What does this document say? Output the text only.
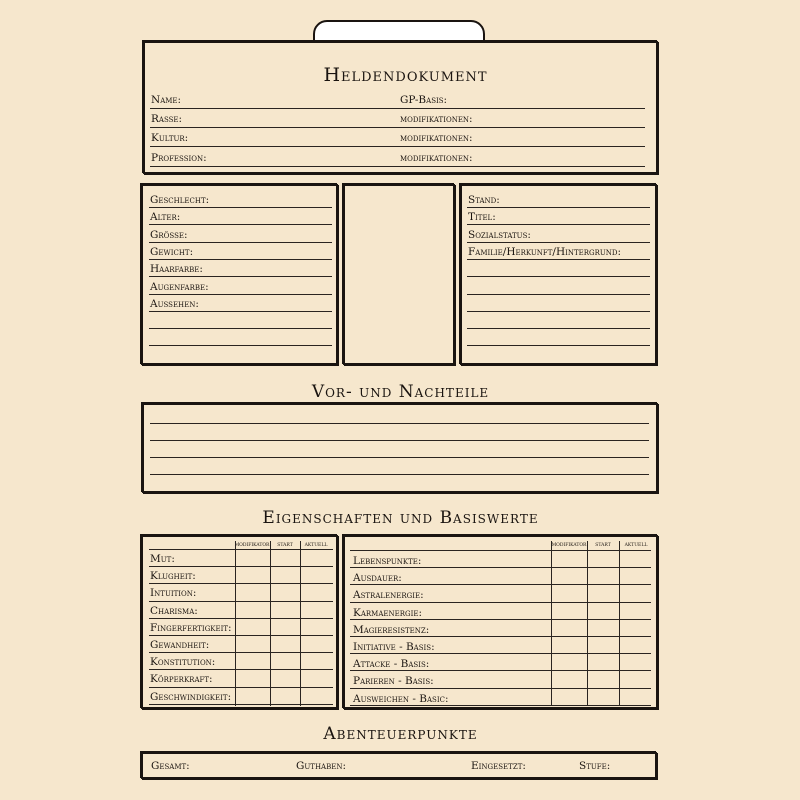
Heldendokument
Name:
Rasse:
Kultur:
Profession:
GP-Basis:
modifikationen:
modifikationen:
modifikationen:
Geschlecht:
Alter:
Grösse:
Gewicht:
Haarfarbe:
Augenfarbe:
Aussehen:
Stand:
Titel:
Sozialstatus:
Familie/Herkunft/Hintergrund:
Vor- und Nachteile
Eigenschaften und Basiswerte
MODIFIKATOR	START	AKTUELL
Mut:
Klugheit:
Intuition:
Charisma:
Fingerfertigkeit:
Gewandheit:
Konstitution:
Körperkraft:
Geschwindigkeit:
MODIFIKATOR	START	AKTUELL
Lebenspunkte:
Ausdauer:
Astralenergie:
Karmaenergie:
Magieresistenz:
Initiative - Basis:
Attacke - Basis:
Parieren - Basis:
Ausweichen - Basic:
Abenteuerpunkte
Gesamt:	Guthaben:	Eingesetzt:	Stufe:
